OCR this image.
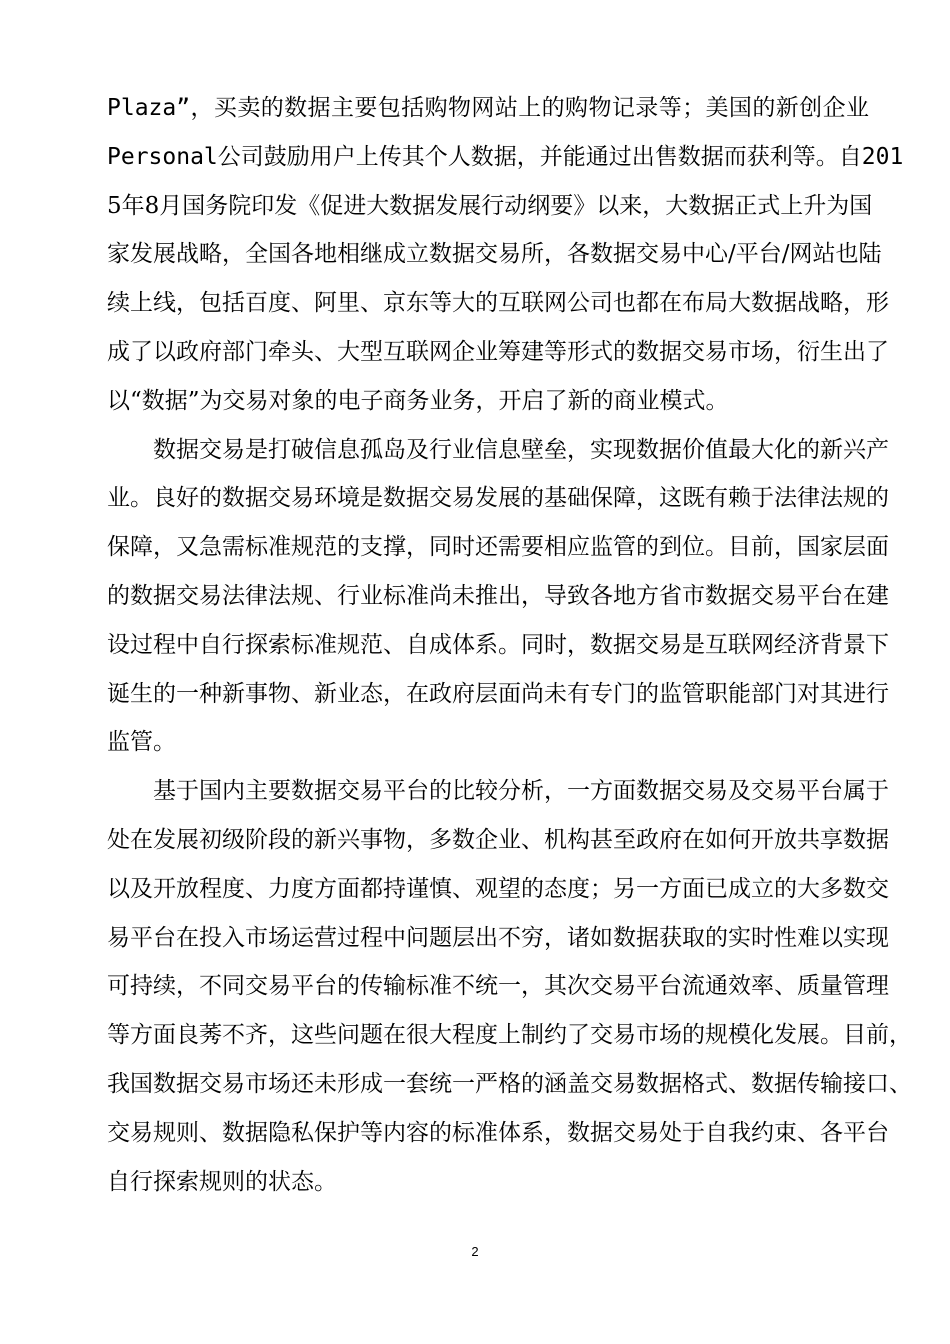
Plaza”，买卖的数据主要包括购物网站上的购物记录等；美国的新创企业
Personal公司鼓励用户上传其个人数据，并能通过出售数据而获利等。自201
5年8月国务院印发《促进大数据发展行动纲要》以来，大数据正式上升为国
家发展战略，全国各地相继成立数据交易所，各数据交易中心/平台/网站也陆
续上线，包括百度、阿里、京东等大的互联网公司也都在布局大数据战略，形
成了以政府部门牵头、大型互联网企业筹建等形式的数据交易市场，衍生出了
以“数据”为交易对象的电子商务业务，开启了新的商业模式。
数据交易是打破信息孤岛及行业信息壁垒，实现数据价值最大化的新兴产
业。良好的数据交易环境是数据交易发展的基础保障，这既有赖于法律法规的
保障，又急需标准规范的支撑，同时还需要相应监管的到位。目前，国家层面
的数据交易法律法规、行业标准尚未推出，导致各地方省市数据交易平台在建
设过程中自行探索标准规范、自成体系。同时，数据交易是互联网经济背景下
诞生的一种新事物、新业态，在政府层面尚未有专门的监管职能部门对其进行
监管。
基于国内主要数据交易平台的比较分析，一方面数据交易及交易平台属于
处在发展初级阶段的新兴事物，多数企业、机构甚至政府在如何开放共享数据
以及开放程度、力度方面都持谨慎、观望的态度；另一方面已成立的大多数交
易平台在投入市场运营过程中问题层出不穷，诸如数据获取的实时性难以实现
可持续，不同交易平台的传输标准不统一，其次交易平台流通效率、质量管理
等方面良莠不齐，这些问题在很大程度上制约了交易市场的规模化发展。目前，
我国数据交易市场还未形成一套统一严格的涵盖交易数据格式、数据传输接口、
交易规则、数据隐私保护等内容的标准体系，数据交易处于自我约束、各平台
自行探索规则的状态。
2
